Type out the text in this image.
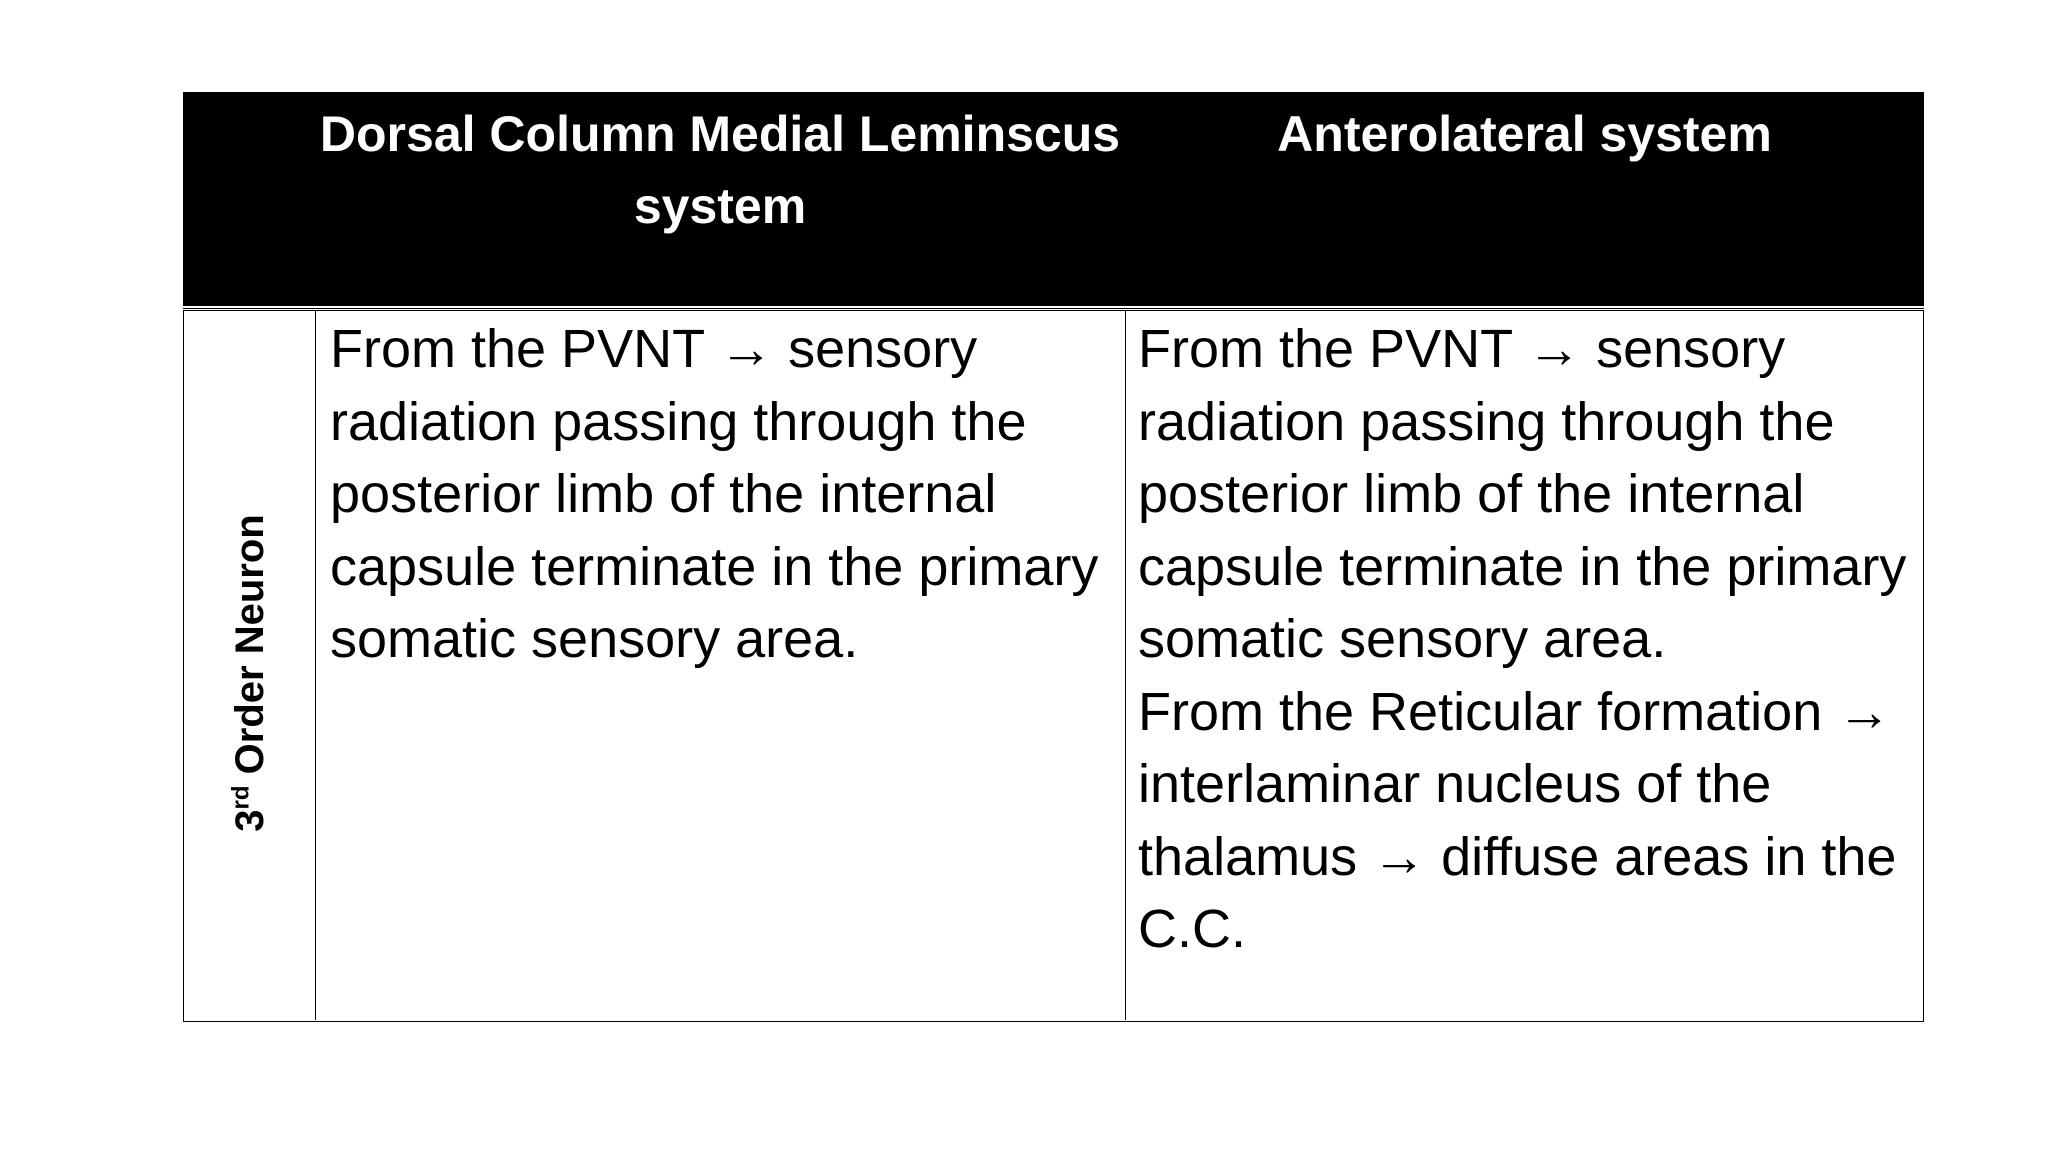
Dorsal Column Medial Leminscus system
Anterolateral system
3rd Order Neuron
From the PVNT → sensory radiation passing through the posterior limb of the internal capsule terminate in the primary somatic sensory area.
From the PVNT → sensory radiation passing through the posterior limb of the internal capsule terminate in the primary somatic sensory area.
From the Reticular formation → interlaminar nucleus of the thalamus → diffuse areas in the C.C.
